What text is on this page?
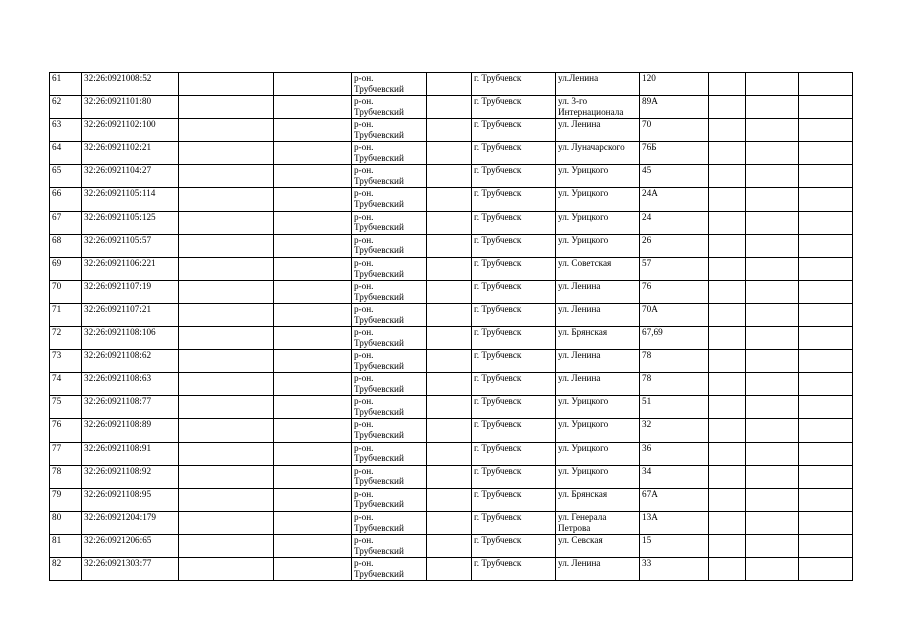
61	32:26:0921008:52			р-он.
Трубчевский		г. Трубчевск	ул.Ленина	120			

62	32:26:0921101:80			р-он.
Трубчевский		г. Трубчевск	ул. 3-го
Интернационала	89А			

63	32:26:0921102:100			р-он.
Трубчевский		г. Трубчевск	ул. Ленина	70			

64	32:26:0921102:21			р-он.
Трубчевский		г. Трубчевск	ул. Луначарского	76Б			

65	32:26:0921104:27			р-он.
Трубчевский		г. Трубчевск	ул. Урицкого	45			

66	32:26:0921105:114			р-он.
Трубчевский		г. Трубчевск	ул. Урицкого	24А			

67	32:26:0921105:125			р-он.
Трубчевский		г. Трубчевск	ул. Урицкого	24			

68	32:26:0921105:57			р-он.
Трубчевский		г. Трубчевск	ул. Урицкого	26			

69	32:26:0921106:221			р-он.
Трубчевский		г. Трубчевск	ул. Советская	57			

70	32:26:0921107:19			р-он.
Трубчевский		г. Трубчевск	ул. Ленина	76			

71	32:26:0921107:21			р-он.
Трубчевский		г. Трубчевск	ул. Ленина	70А			

72	32:26:0921108:106			р-он.
Трубчевский		г. Трубчевск	ул. Брянская	67,69			

73	32:26:0921108:62			р-он.
Трубчевский		г. Трубчевск	ул. Ленина	78			

74	32:26:0921108:63			р-он.
Трубчевский		г. Трубчевск	ул. Ленина	78			

75	32:26:0921108:77			р-он.
Трубчевский		г. Трубчевск	ул. Урицкого	51			

76	32:26:0921108:89			р-он.
Трубчевский		г. Трубчевск	ул. Урицкого	32			

77	32:26:0921108:91			р-он.
Трубчевский		г. Трубчевск	ул. Урицкого	36			

78	32:26:0921108:92			р-он.
Трубчевский		г. Трубчевск	ул. Урицкого	34			

79	32:26:0921108:95			р-он.
Трубчевский		г. Трубчевск	ул. Брянская	67А			

80	32:26:0921204:179			р-он.
Трубчевский		г. Трубчевск	ул. Генерала
Петрова	13А			

81	32:26:0921206:65			р-он.
Трубчевский		г. Трубчевск	ул. Севская	15			

82	32:26:0921303:77			р-он.
Трубчевский		г. Трубчевск	ул. Ленина	33			
